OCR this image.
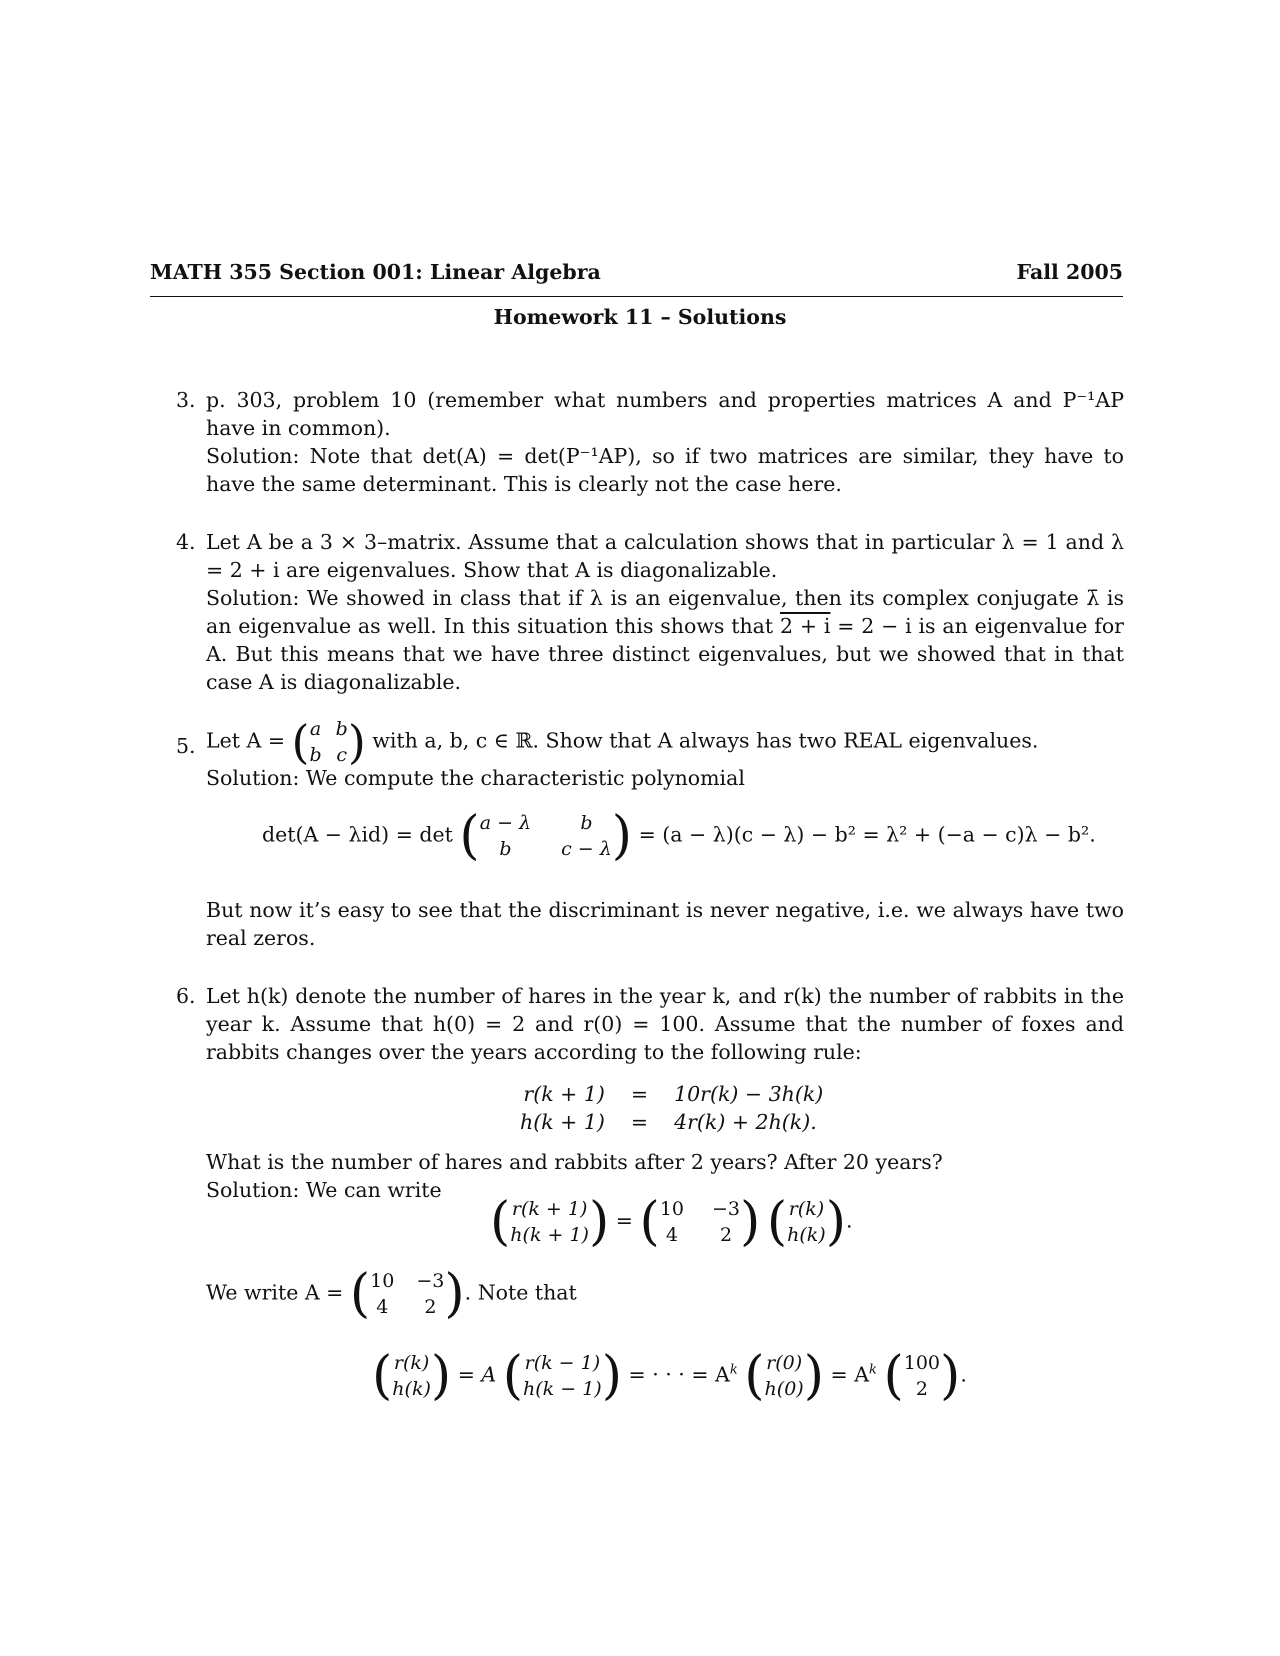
MATH 355 Section 001: Linear Algebra	Fall 2005
Homework 11 – Solutions
3. p. 303, problem 10 (remember what numbers and properties matrices A and P⁻¹AP have in common).
Solution: Note that det(A) = det(P⁻¹AP), so if two matrices are similar, they have to have the same determinant. This is clearly not the case here.
4. Let A be a 3 × 3–matrix. Assume that a calculation shows that in particular λ = 1 and λ = 2 + i are eigenvalues. Show that A is diagonalizable.
Solution: We showed in class that if λ is an eigenvalue, then its complex conjugate λ̄ is an eigenvalue as well. In this situation this shows that 2 + i = 2 − i is an eigenvalue for A. But this means that we have three distinct eigenvalues, but we showed that in that case A is diagonalizable.
5. Let A = ( a b
b c ) with a, b, c ∈ ℝ. Show that A always has two REAL eigenvalues.
Solution: We compute the characteristic polynomial
det(A − λid) = det ( a − λ	b
b	c − λ ) = (a − λ)(c − λ) − b² = λ² + (−a − c)λ − b².
But now it’s easy to see that the discriminant is never negative, i.e. we always have two real zeros.
6. Let h(k) denote the number of hares in the year k, and r(k) the number of rabbits in the year k. Assume that h(0) = 2 and r(0) = 100. Assume that the number of foxes and rabbits changes over the years according to the following rule:
r(k + 1) = 10r(k) − 3h(k)
h(k + 1) = 4r(k) + 2h(k).
What is the number of hares and rabbits after 2 years? After 20 years?
Solution: We can write
( r(k + 1)
h(k + 1) ) = ( 10 −3
4	2 )
( r(k)
h(k) ) .
We write A = ( 10 −3
4	2 ) . Note that
( r(k)
h(k) ) = A ( r(k − 1)
h(k − 1) ) = · · · = $A^k$ ( r(0)
h(0) ) = $A^k$ ( 100
2 ) .
